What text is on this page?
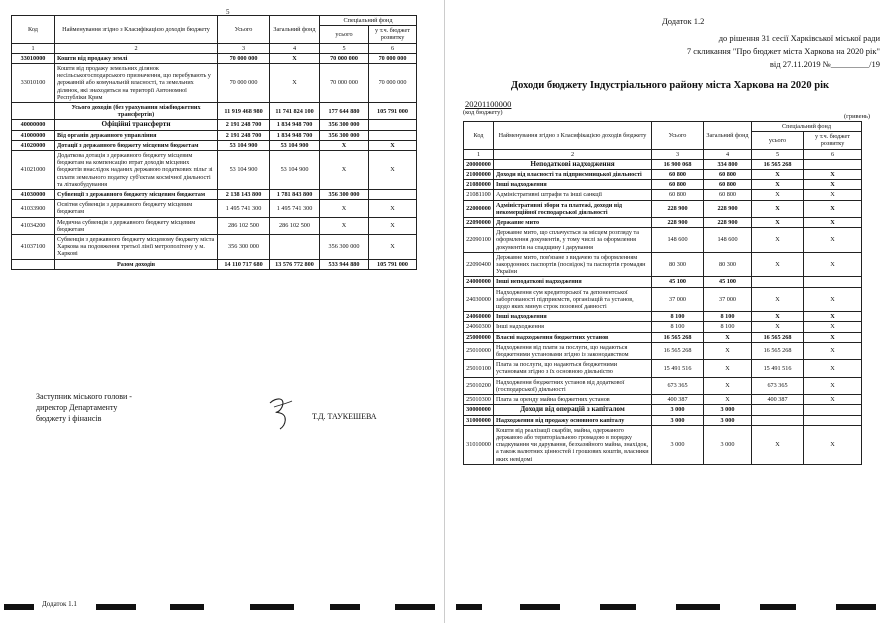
5
Код	Найменування згідно з Класифікацією доходів бюджету	Усього	Загальний фонд	Спеціальний фонд	
				усього	у т.ч. бюджет розвитку
1	2	3	4	5	6
33010000	Кошти від продажу землі	70 000 000	X	70 000 000	70 000 000
33010100	Кошти від продажу земельних ділянок несільськогосподарського призначення, що перебувають у державній або комунальній власності, та земельних ділянок, які знаходяться на території Автономної Республіки Крим	70 000 000	X	70 000 000	70 000 000
	Усього доходів (без урахування міжбюджетних трансфертів)	11 919 468 980	11 741 824 100	177 644 880	105 791 000
40000000	Офіційні трансферти	2 191 248 700	1 834 948 700	356 300 000	
41000000	Від органів державного управління	2 191 248 700	1 834 948 700	356 300 000	
41020000	Дотації з державного бюджету місцевим бюджетам	53 104 900	53 104 900	X	X
41021000	Додаткова дотація з державного бюджету місцевим бюджетам на компенсацію втрат доходів місцевих бюджетів внаслідок наданих державою податкових пільг зі сплати земельного податку суб'єктам космічної діяльності та літакобудування	53 104 900	53 104 900	X	X
41030000	Субвенції з державного бюджету місцевим бюджетам	2 138 143 800	1 781 843 800	356 300 000	
41033900	Освітня субвенція з державного бюджету місцевим бюджетам	1 495 741 300	1 495 741 300	X	X
41034200	Медична субвенція з державного бюджету місцевим бюджетам	286 102 500	286 102 500	X	X
41037100	Субвенція з державного бюджету місцевому бюджету міста Харкова на подовження третьої лінії метрополітену у м. Харкові	356 300 000		356 300 000	X
	Разом доходів	14 110 717 680	13 576 772 800	533 944 880	105 791 000
Заступник міського голови -
директор Департаменту
бюджету і фінансів	Т.Д. ТАУКЕШЕВА
Додаток 1.1
Додаток 1.2
до рішення 31 сесії Харківської міської ради
7 скликання "Про бюджет міста Харкова на 2020 рік"
від 27.11.2019 №_________/19
Доходи бюджету Індустріального району міста Харкова на 2020 рік
20201100000
(код бюджету)
(гривень)
Код	Найменування згідно з Класифікацією доходів бюджету	Усього	Загальний фонд	Спеціальний фонд	
				усього	у т.ч. бюджет розвитку
1	2	3	4	5	6
20000000	Неподаткові надходження	16 900 068	334 800	16 565 268	
21000000	Доходи від власності та підприємницької діяльності	60 800	60 800	X	X
21080000	Інші надходження	60 800	60 800	X	X
21081100	Адміністративні штрафи та інші санкції	60 800	60 800	X	X
22000000	Адміністративні збори та платежі, доходи від некомерційної господарської діяльності	228 900	228 900	X	X
22090000	Державне мито	228 900	228 900	X	X
22090100	Державне мито, що сплачується за місцем розгляду та оформлення документів, у тому числі за оформлення документів на спадщину і дарування	148 600	148 600	X	X
22090400	Державне мито, пов'язане з видачею та оформленням закордонних паспортів (посвідок) та паспортів громадян України	80 300	80 300	X	X
24000000	Інші неподаткові надходження	45 100	45 100		
24030000	Надходження сум кредиторської та депонентської заборгованості підприємств, організацій та установ, щодо яких минув строк позовної давності	37 000	37 000	X	X
24060000	Інші надходження	8 100	8 100	X	X
24060300	Інші надходження	8 100	8 100	X	X
25000000	Власні надходження бюджетних установ	16 565 268	X	16 565 268	X
25010000	Надходження від плати за послуги, що надаються бюджетними установами згідно із законодавством	16 565 268	X	16 565 268	X
25010100	Плата за послуги, що надаються бюджетними установами згідно з їх основною діяльністю	15 491 516	X	15 491 516	X
25010200	Надходження бюджетних установ від додаткової (господарської) діяльності	673 365	X	673 365	X
25010300	Плата за оренду майна бюджетних установ	400 387	X	400 387	X
30000000	Доходи від операцій з капіталом	3 000	3 000		
31000000	Надходження від продажу основного капіталу	3 000	3 000		
31010000	Кошти від реалізації скарбів, майна, одержаного державою або територіальною громадою в порядку спадкування чи дарування, безхазяйного майна, знахідок, а також валютних цінностей і грошових коштів, власники яких невідомі	3 000	3 000	X	X
